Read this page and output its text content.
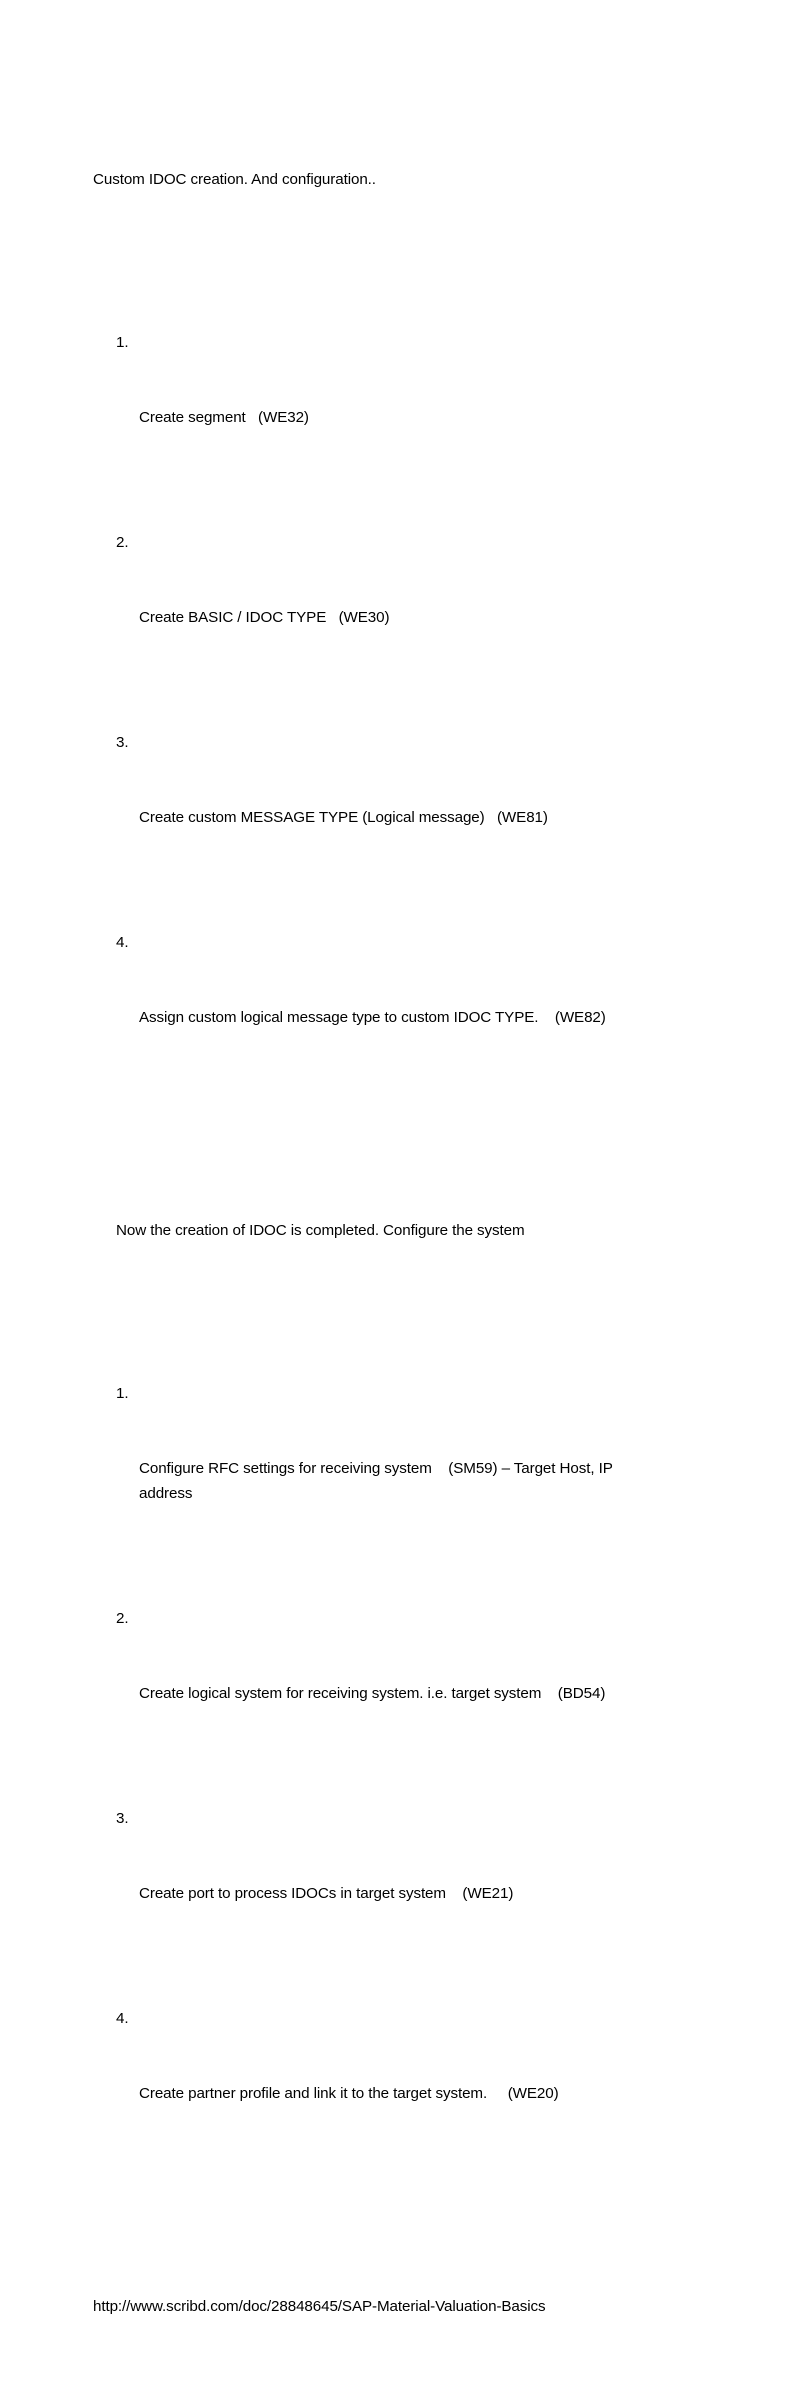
Custom IDOC creation. And configuration..

1.

Create segment   (WE32)

2.

Create BASIC / IDOC TYPE   (WE30)

3.

Create custom MESSAGE TYPE (Logical message)   (WE81)

4.

Assign custom logical message type to custom IDOC TYPE.    (WE82)

Now the creation of IDOC is completed. Configure the system

1.

Configure RFC settings for receiving system    (SM59) – Target Host, IP address

2.

Create logical system for receiving system. i.e. target system    (BD54)

3.

Create port to process IDOCs in target system    (WE21)

4.

Create partner profile and link it to the target system.     (WE20)

http://www.scribd.com/doc/28848645/SAP-Material-Valuation-Basics
